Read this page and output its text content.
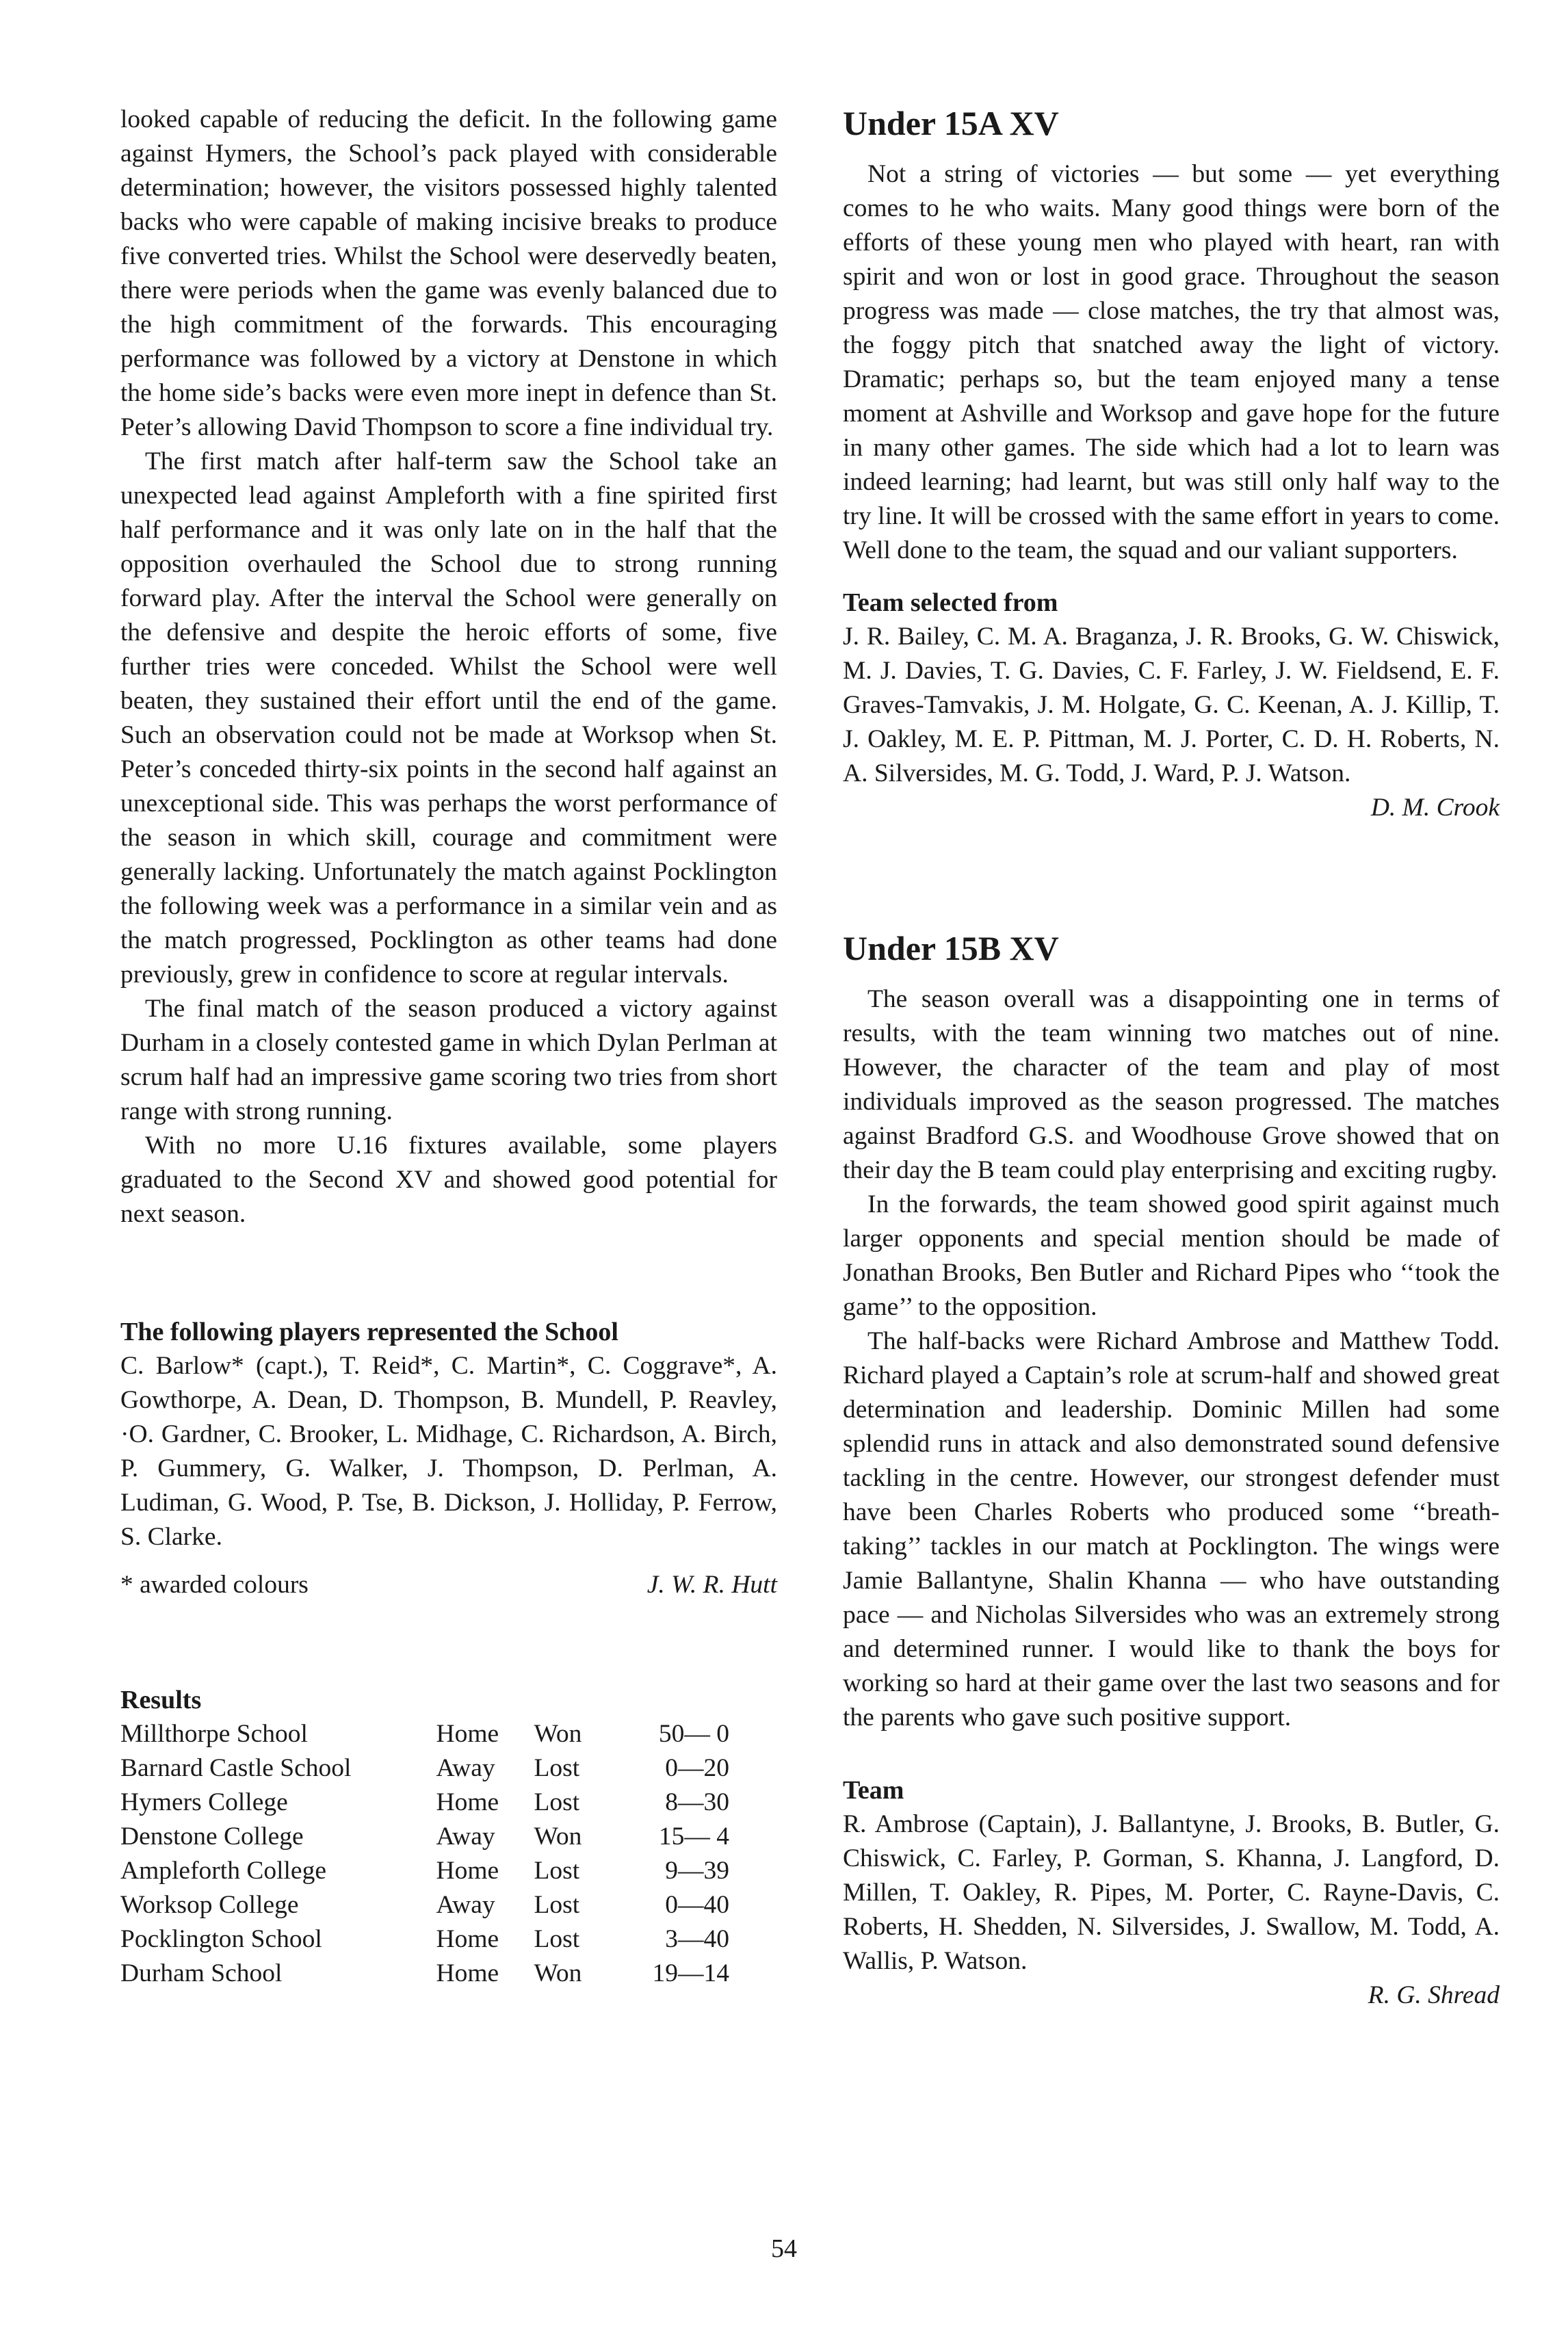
looked capable of reducing the deficit. In the following game against Hymers, the School’s pack played with considerable determination; however, the visitors possessed highly talented backs who were capable of making incisive breaks to produce five converted tries. Whilst the School were deservedly beaten, there were periods when the game was evenly balanced due to the high commitment of the forwards. This encouraging performance was followed by a victory at Denstone in which the home side’s backs were even more inept in defence than St. Peter’s allowing David Thompson to score a fine individual try.

The first match after half-term saw the School take an unexpected lead against Ampleforth with a fine spirited first half performance and it was only late on in the half that the opposition overhauled the School due to strong running forward play. After the interval the School were generally on the defensive and despite the heroic efforts of some, five further tries were conceded. Whilst the School were well beaten, they sustained their effort until the end of the game. Such an observation could not be made at Worksop when St. Peter’s conceded thirty-six points in the second half against an unexceptional side. This was perhaps the worst performance of the season in which skill, courage and commitment were generally lacking. Unfortunately the match against Pocklington the following week was a performance in a similar vein and as the match progressed, Pocklington as other teams had done previously, grew in confidence to score at regular intervals.

The final match of the season produced a victory against Durham in a closely contested game in which Dylan Perlman at scrum half had an impressive game scoring two tries from short range with strong running.

With no more U.16 fixtures available, some players graduated to the Second XV and showed good potential for next season.

The following players represented the School

C. Barlow* (capt.), T. Reid*, C. Martin*, C. Coggrave*, A. Gowthorpe, A. Dean, D. Thompson, B. Mundell, P. Reavley, ·O. Gardner, C. Brooker, L. Midhage, C. Richardson, A. Birch, P. Gummery, G. Walker, J. Thompson, D. Perlman, A. Ludiman, G. Wood, P. Tse, B. Dickson, J. Holliday, P. Ferrow, S. Clarke.

* awarded colours	J. W. R. Hutt
Results
Millthorpe School	Home	Won	50— 0
Barnard Castle School	Away	Lost	0—20
Hymers College	Home	Lost	8—30
Denstone College	Away	Won	15— 4
Ampleforth College	Home	Lost	9—39
Worksop College	Away	Lost	0—40
Pocklington School	Home	Lost	3—40
Durham School	Home	Won	19—14
Under 15A XV

Not a string of victories — but some — yet everything comes to he who waits. Many good things were born of the efforts of these young men who played with heart, ran with spirit and won or lost in good grace. Throughout the season progress was made — close matches, the try that almost was, the foggy pitch that snatched away the light of victory. Dramatic; perhaps so, but the team enjoyed many a tense moment at Ashville and Worksop and gave hope for the future in many other games. The side which had a lot to learn was indeed learning; had learnt, but was still only half way to the try line. It will be crossed with the same effort in years to come. Well done to the team, the squad and our valiant supporters.

Team selected from

J. R. Bailey, C. M. A. Braganza, J. R. Brooks, G. W. Chiswick, M. J. Davies, T. G. Davies, C. F. Farley, J. W. Fieldsend, E. F. Graves-Tamvakis, J. M. Holgate, G. C. Keenan, A. J. Killip, T. J. Oakley, M. E. P. Pittman, M. J. Porter, C. D. H. Roberts, N. A. Silversides, M. G. Todd, J. Ward, P. J. Watson.

D. M. Crook
Under 15B XV

The season overall was a disappointing one in terms of results, with the team winning two matches out of nine. However, the character of the team and play of most individuals improved as the season progressed. The matches against Bradford G.S. and Woodhouse Grove showed that on their day the B team could play enterprising and exciting rugby.

In the forwards, the team showed good spirit against much larger opponents and special mention should be made of Jonathan Brooks, Ben Butler and Richard Pipes who ‘‘took the game’’ to the opposition.

The half-backs were Richard Ambrose and Matthew Todd. Richard played a Captain’s role at scrum-half and showed great determination and leadership. Dominic Millen had some splendid runs in attack and also demonstrated sound defensive tackling in the centre. However, our strongest defender must have been Charles Roberts who produced some ‘‘breath-taking’’ tackles in our match at Pocklington. The wings were Jamie Ballantyne, Shalin Khanna — who have outstanding pace — and Nicholas Silversides who was an extremely strong and determined runner. I would like to thank the boys for working so hard at their game over the last two seasons and for the parents who gave such positive support.

Team

R. Ambrose (Captain), J. Ballantyne, J. Brooks, B. Butler, G. Chiswick, C. Farley, P. Gorman, S. Khanna, J. Langford, D. Millen, T. Oakley, R. Pipes, M. Porter, C. Rayne-Davis, C. Roberts, H. Shedden, N. Silversides, J. Swallow, M. Todd, A. Wallis, P. Watson.

R. G. Shread
54
